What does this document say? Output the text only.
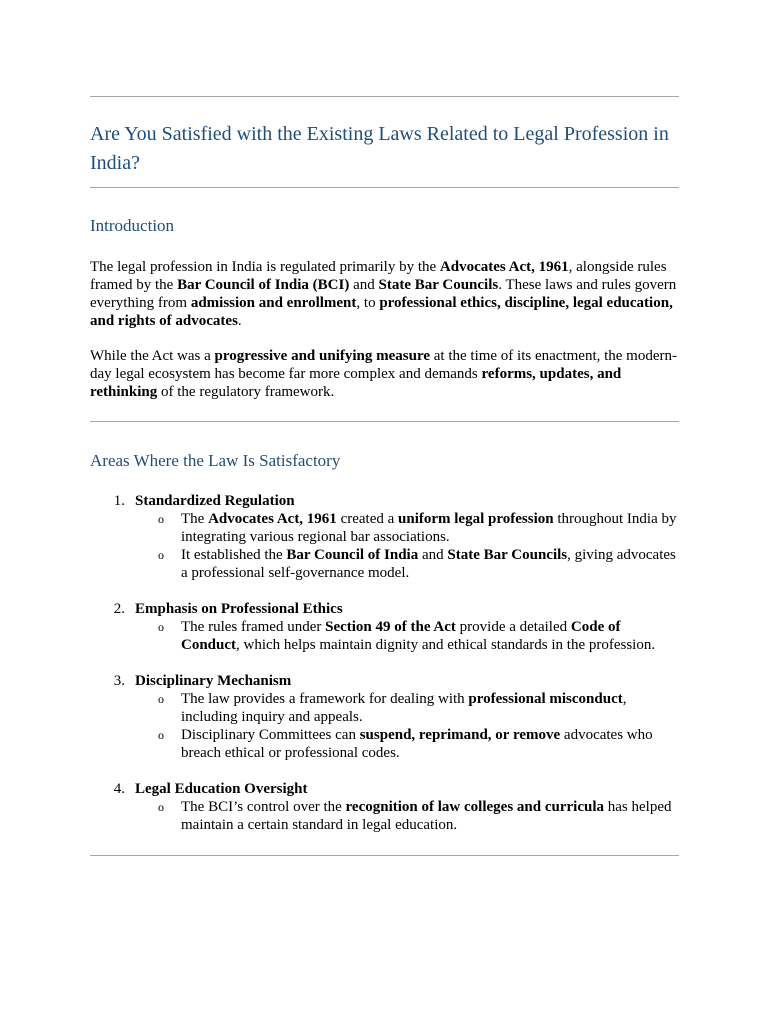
Are You Satisfied with the Existing Laws Related to Legal Profession in India?
Introduction

The legal profession in India is regulated primarily by the Advocates Act, 1961, alongside rules framed by the Bar Council of India (BCI) and State Bar Councils. These laws and rules govern everything from admission and enrollment, to professional ethics, discipline, legal education, and rights of advocates.

While the Act was a progressive and unifying measure at the time of its enactment, the modern-day legal ecosystem has become far more complex and demands reforms, updates, and rethinking of the regulatory framework.

Areas Where the Law Is Satisfactory
1. Standardized Regulation
o The Advocates Act, 1961 created a uniform legal profession throughout India by integrating various regional bar associations.
o It established the Bar Council of India and State Bar Councils, giving advocates a professional self-governance model.
2. Emphasis on Professional Ethics
o The rules framed under Section 49 of the Act provide a detailed Code of Conduct, which helps maintain dignity and ethical standards in the profession.
3. Disciplinary Mechanism
o The law provides a framework for dealing with professional misconduct, including inquiry and appeals.
o Disciplinary Committees can suspend, reprimand, or remove advocates who breach ethical or professional codes.
4. Legal Education Oversight
o The BCI’s control over the recognition of law colleges and curricula has helped maintain a certain standard in legal education.
